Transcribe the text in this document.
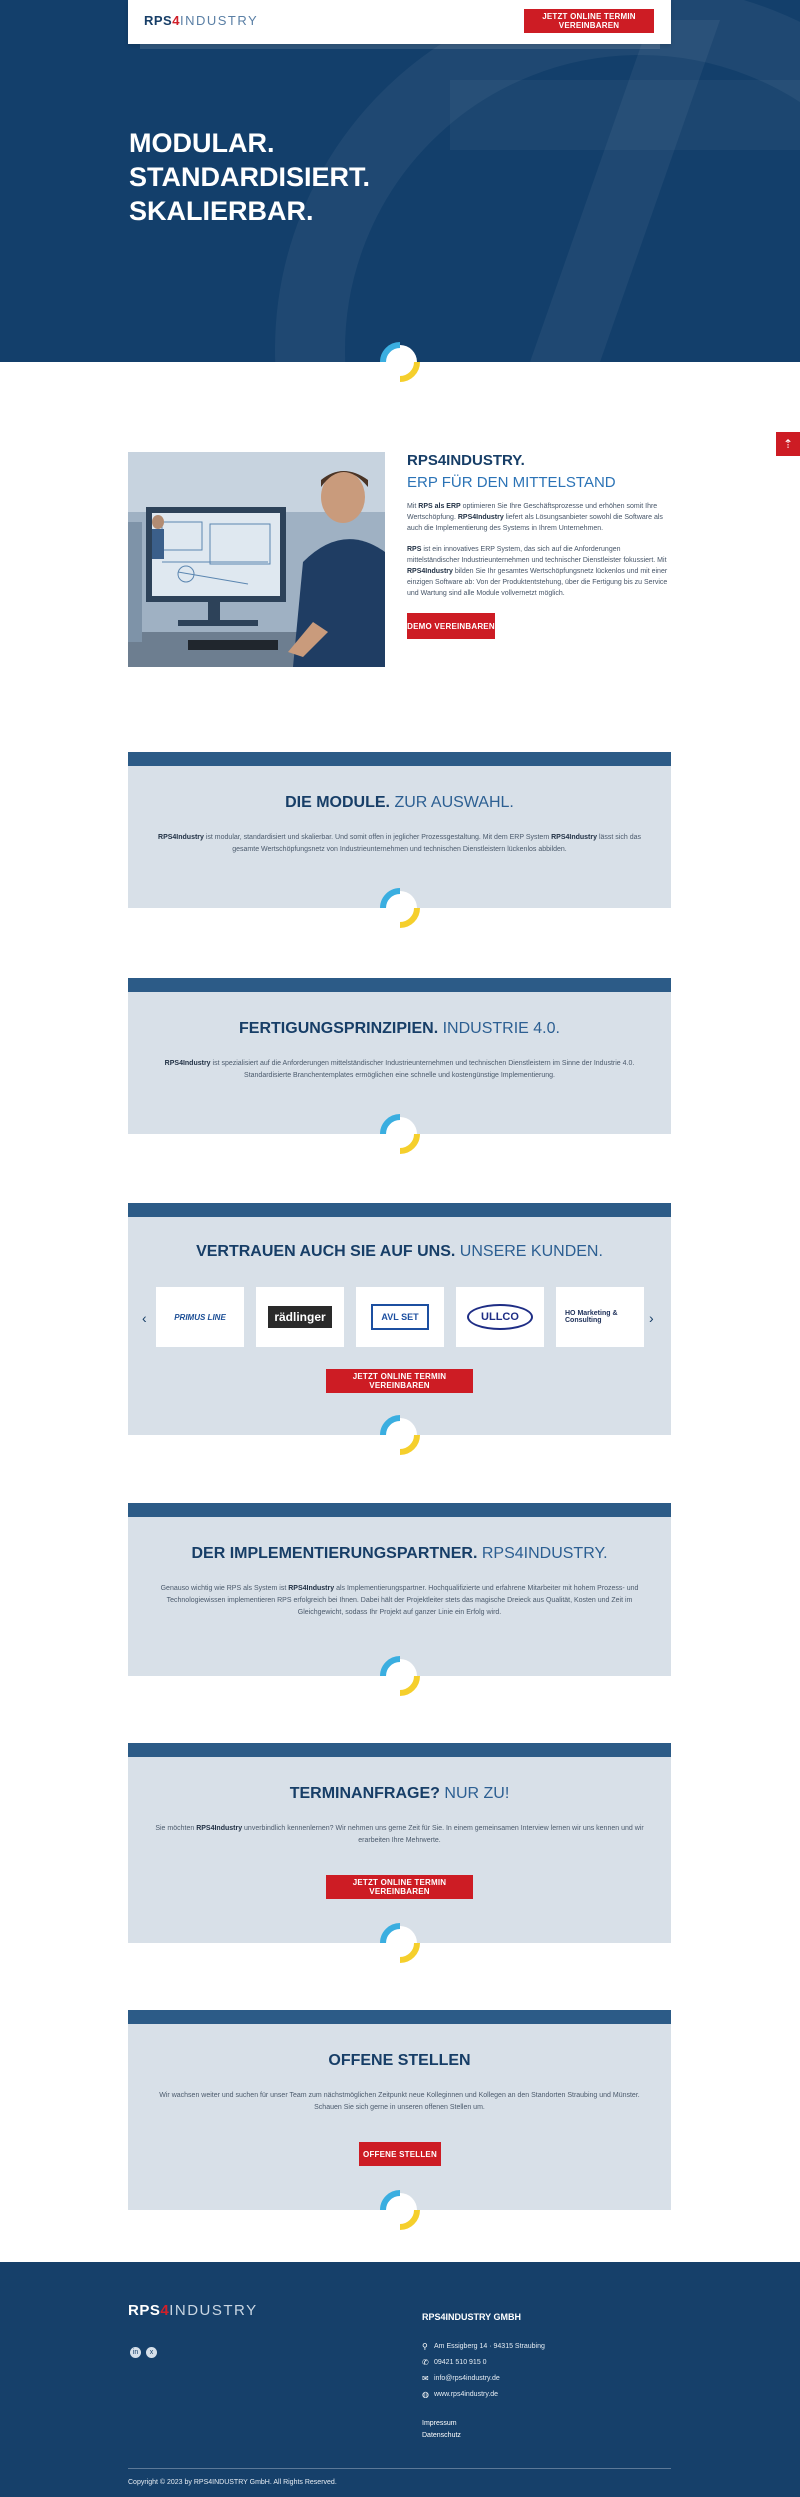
RPS 4 INDUSTRY	JETZT ONLINE TERMIN VEREINBAREN
MODULAR.
STANDARDISIERT.
SKALIERBAR.
⇡
RPS4INDUSTRY.
ERP FÜR DEN MITTELSTAND
Mit RPS als ERP optimieren Sie Ihre Geschäftsprozesse und erhöhen somit Ihre Wertschöpfung. RPS4Industry liefert als Lösungsanbieter sowohl die Software als auch die Implementierung des Systems in Ihrem Unternehmen.
RPS ist ein innovatives ERP System, das sich auf die Anforderungen mittelständischer Industrieunternehmen und technischer Dienstleister fokussiert. Mit RPS4Industry bilden Sie Ihr gesamtes Wertschöpfungsnetz lückenlos und mit einer einzigen Software ab: Von der Produktentstehung, über die Fertigung bis zu Service und Wartung sind alle Module vollvernetzt möglich.
DEMO VEREINBAREN
DIE MODULE. ZUR AUSWAHL.
RPS4Industry ist modular, standardisiert und skalierbar. Und somit offen in jeglicher Prozessgestaltung. Mit dem ERP System RPS4Industry lässt sich das gesamte Wertschöpfungsnetz von Industrieunternehmen und technischen Dienstleistern lückenlos abbilden.
FERTIGUNGSPRINZIPIEN. INDUSTRIE 4.0.
RPS4Industry ist spezialisiert auf die Anforderungen mittelständischer Industrieunternehmen und technischen Dienstleistern im Sinne der Industrie 4.0. Standardisierte Branchentemplates ermöglichen eine schnelle und kostengünstige Implementierung.
VERTRAUEN AUCH SIE AUF UNS. UNSERE KUNDEN.
‹	›
PRIMUS LINE	rädlinger	AVL SET	ULLCO	HO Marketing & Consulting
JETZT ONLINE TERMIN VEREINBAREN
DER IMPLEMENTIERUNGSPARTNER. RPS4INDUSTRY.
Genauso wichtig wie RPS als System ist RPS4Industry als Implementierungspartner. Hochqualifizierte und erfahrene Mitarbeiter mit hohem Prozess- und Technologiewissen implementieren RPS erfolgreich bei Ihnen. Dabei hält der Projektleiter stets das magische Dreieck aus Qualität, Kosten und Zeit im Gleichgewicht, sodass Ihr Projekt auf ganzer Linie ein Erfolg wird.
TERMINANFRAGE? NUR ZU!
Sie möchten RPS4Industry unverbindlich kennenlernen? Wir nehmen uns gerne Zeit für Sie. In einem gemeinsamen Interview lernen wir uns kennen und wir erarbeiten Ihre Mehrwerte.
JETZT ONLINE TERMIN VEREINBAREN
OFFENE STELLEN
Wir wachsen weiter und suchen für unser Team zum nächstmöglichen Zeitpunkt neue Kolleginnen und Kollegen an den Standorten Straubing und Münster. Schauen Sie sich gerne in unseren offenen Stellen um.
OFFENE STELLEN
RPS 4 INDUSTRY
in	x
RPS4INDUSTRY GMBH
⚲ Am Essigberg 14 · 94315 Straubing
✆ 09421 510 915 0
✉ info@rps4industry.de
◍ www.rps4industry.de
Impressum
Datenschutz
Copyright © 2023 by RPS4INDUSTRY GmbH. All Rights Reserved.
